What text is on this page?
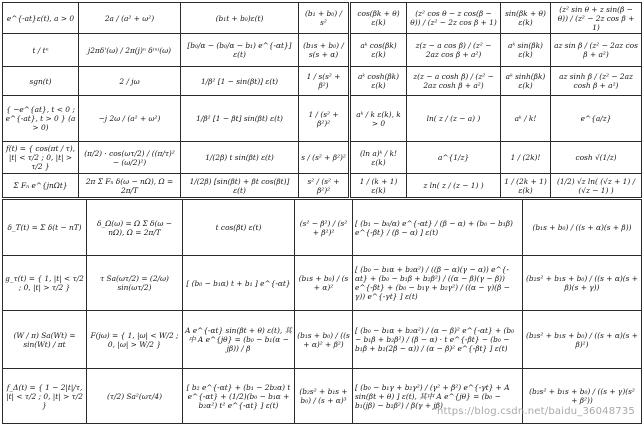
e^{-at}ε(t), a > 0	2a / (a² + ω²)	(b₁t + b₀)ε(t)	(b₁ + b₀) / s²
t / tⁿ	j2πδ'(ω) / 2π(j)ⁿ δ⁽ⁿ⁾(ω)	[b₀/α − (b₀/α − b₁) e^{-αt}] ε(t)	(b₁s + b₀) / s(s + α)
sgn(t)	2 / jω	1/β² [1 − sin(βt)] ε(t)	1 / s(s² + β²)
{ −e^{at}, t < 0 ; e^{-at}, t > 0 } (a > 0)	−j 2ω / (a² + ω²)	1/β² [1 − βt] sin(βt) ε(t)	1 / (s² + β²)²
f(t) = { cos(πt / τ), |t| < τ/2 ; 0, |t| > τ/2 }	(π/2) · cos(ωτ/2) / ((π/τ)² − (ω/2)²)	1/(2β) t sin(βt) ε(t)	s / (s² + β²)²
Σ Fₙ e^{jnΩt}	2π Σ Fₙ δ(ω − nΩ), Ω = 2π/T	1/(2β) [sin(βt) + βt cos(βt)] ε(t)	s² / (s² + β²)²
cos(βk + θ) ε(k)	(z² cos θ − z cos(β − θ)) / (z² − 2z cos β + 1)	sin(βk + θ) ε(k)	(z² sin θ + z sin(β − θ)) / (z² − 2z cos β + 1)
aᵏ cos(βk) ε(k)	z(z − a cos β) / (z² − 2az cos β + a²)	aᵏ sin(βk) ε(k)	az sin β / (z² − 2az cos β + a²)
aᵏ cosh(βk) ε(k)	z(z − a cosh β) / (z² − 2az cosh β + a²)	aᵏ sinh(βk) ε(k)	az sinh β / (z² − 2az cosh β + a²)
aᵏ / k ε(k), k > 0	ln( z / (z − a) )	aᵏ / k!	e^{a/z}
(ln a)ᵏ / k! ε(k)	a^{1/z}	1 / (2k)!	cosh √(1/z)
1 / (k + 1) ε(k)	z ln( z / (z − 1) )	1 / (2k + 1) ε(k)	(1/2) √z ln( (√z + 1) / (√z − 1) )
δ_T(t) = Σ δ(t − nT)	δ_Ω(ω) = Ω Σ δ(ω − nΩ), Ω = 2π/T	t cos(βt) ε(t)	(s² − β²) / (s² + β²)²	[ (b₁ − b₀/α) e^{-αt} / (β − α) + (b₀ − b₁β) e^{-βt} / (β − α) ] ε(t)	(b₁s + b₀) / ((s + α)(s + β))
g_τ(t) = { 1, |t| < τ/2 ; 0, |t| > τ/2 }	τ Sa(ωτ/2) = (2/ω) sin(ωτ/2)	[ (b₀ − b₁α) t + b₁ ] e^{-αt}	(b₁s + b₀) / (s + α)²	[ (b₀ − b₁α + b₂α²) / ((β − α)(γ − α)) e^{-αt} + (b₀ − b₁β + b₂β²) / ((α − β)(γ − β)) e^{-βt} + (b₀ − b₁γ + b₂γ²) / ((α − γ)(β − γ)) e^{-γt} ] ε(t)	(b₂s² + b₁s + b₀) / ((s + α)(s + β)(s + γ))
(W / π) Sa(Wt) = sin(Wt) / πt	F(jω) = { 1, |ω| < W/2 ; 0, |ω| > W/2 }	A e^{-αt} sin(βt + θ) ε(t), 其中 A e^{jθ} = (b₀ − b₁(α − jβ)) / β	(b₁s + b₀) / ((s + α)² + β²)	[ (b₀ − b₁α + b₂α²) / (α − β)² e^{-αt} + (b₀ − b₁β + b₂β²) / (β − α) · t e^{-βt} − (b₀ − b₁β + b₂(2β − α)) / (α − β)² e^{-βt} ] ε(t)	(b₂s² + b₁s + b₀) / ((s + α)(s + β)²)
f_Δ(t) = { 1 − 2|t|/τ, |t| < τ/2 ; 0, |t| > τ/2 }	(τ/2) Sa²(ωτ/4)	[ b₂ e^{-αt} + (b₁ − 2b₂α) t e^{-αt} + (1/2)(b₀ − b₁α + b₂α²) t² e^{-αt} ] ε(t)	(b₂s² + b₁s + b₀) / (s + α)³	[ (b₀ − b₁γ + b₂γ²) / (γ² + β²) e^{-γt} + A sin(βt + θ) ] ε(t), 其中 A e^{jθ} = (b₀ − b₁(jβ) − b₂β²) / β(γ + jβ)	(b₂s² + b₁s + b₀) / ((s + γ)(s² + β²))
https://blog.csdn.net/baidu_36048735
